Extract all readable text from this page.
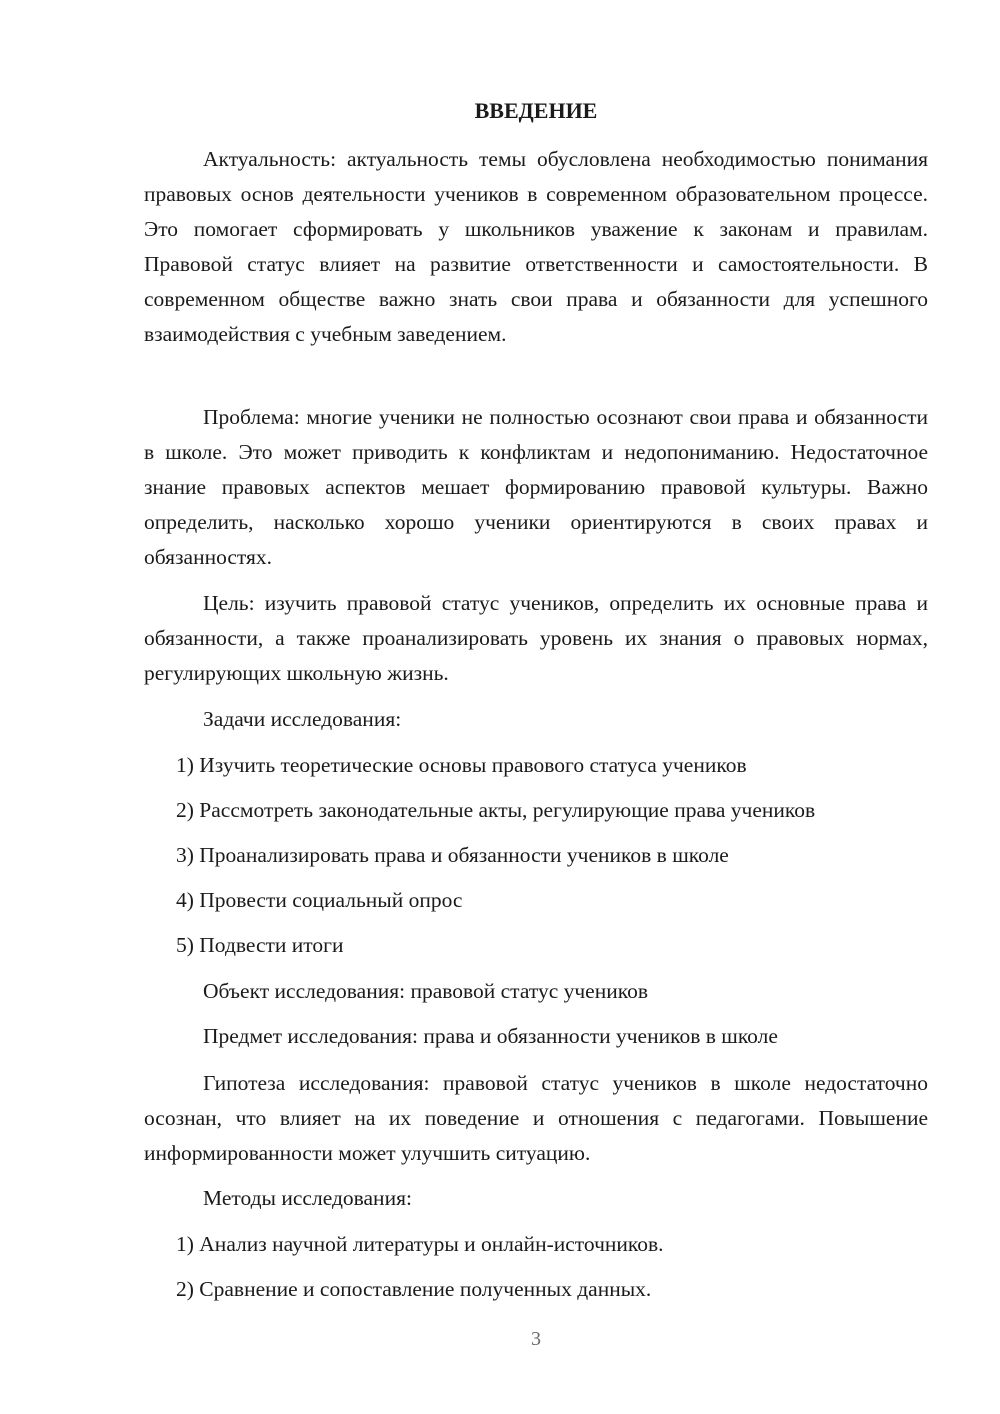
ВВЕДЕНИЕ

Актуальность: актуальность темы обусловлена необходимостью понимания правовых основ деятельности учеников в современном образовательном процессе. Это помогает сформировать у школьников уважение к законам и правилам. Правовой статус влияет на развитие ответственности и самостоятельности. В современном обществе важно знать свои права и обязанности для успешного взаимодействия с учебным заведением.

Проблема: многие ученики не полностью осознают свои права и обязанности в школе. Это может приводить к конфликтам и недопониманию. Недостаточное знание правовых аспектов мешает формированию правовой культуры. Важно определить, насколько хорошо ученики ориентируются в своих правах и обязанностях.

Цель: изучить правовой статус учеников, определить их основные права и обязанности, а также проанализировать уровень их знания о правовых нормах, регулирующих школьную жизнь.

Задачи исследования:

1) Изучить теоретические основы правового статуса учеников

2) Рассмотреть законодательные акты, регулирующие права учеников

3) Проанализировать права и обязанности учеников в школе

4) Провести социальный опрос

5) Подвести итоги

Объект исследования: правовой статус учеников

Предмет исследования: права и обязанности учеников в школе

Гипотеза исследования: правовой статус учеников в школе недостаточно осознан, что влияет на их поведение и отношения с педагогами. Повышение информированности может улучшить ситуацию.

Методы исследования:

1) Анализ научной литературы и онлайн-источников.

2) Сравнение и сопоставление полученных данных.

3
